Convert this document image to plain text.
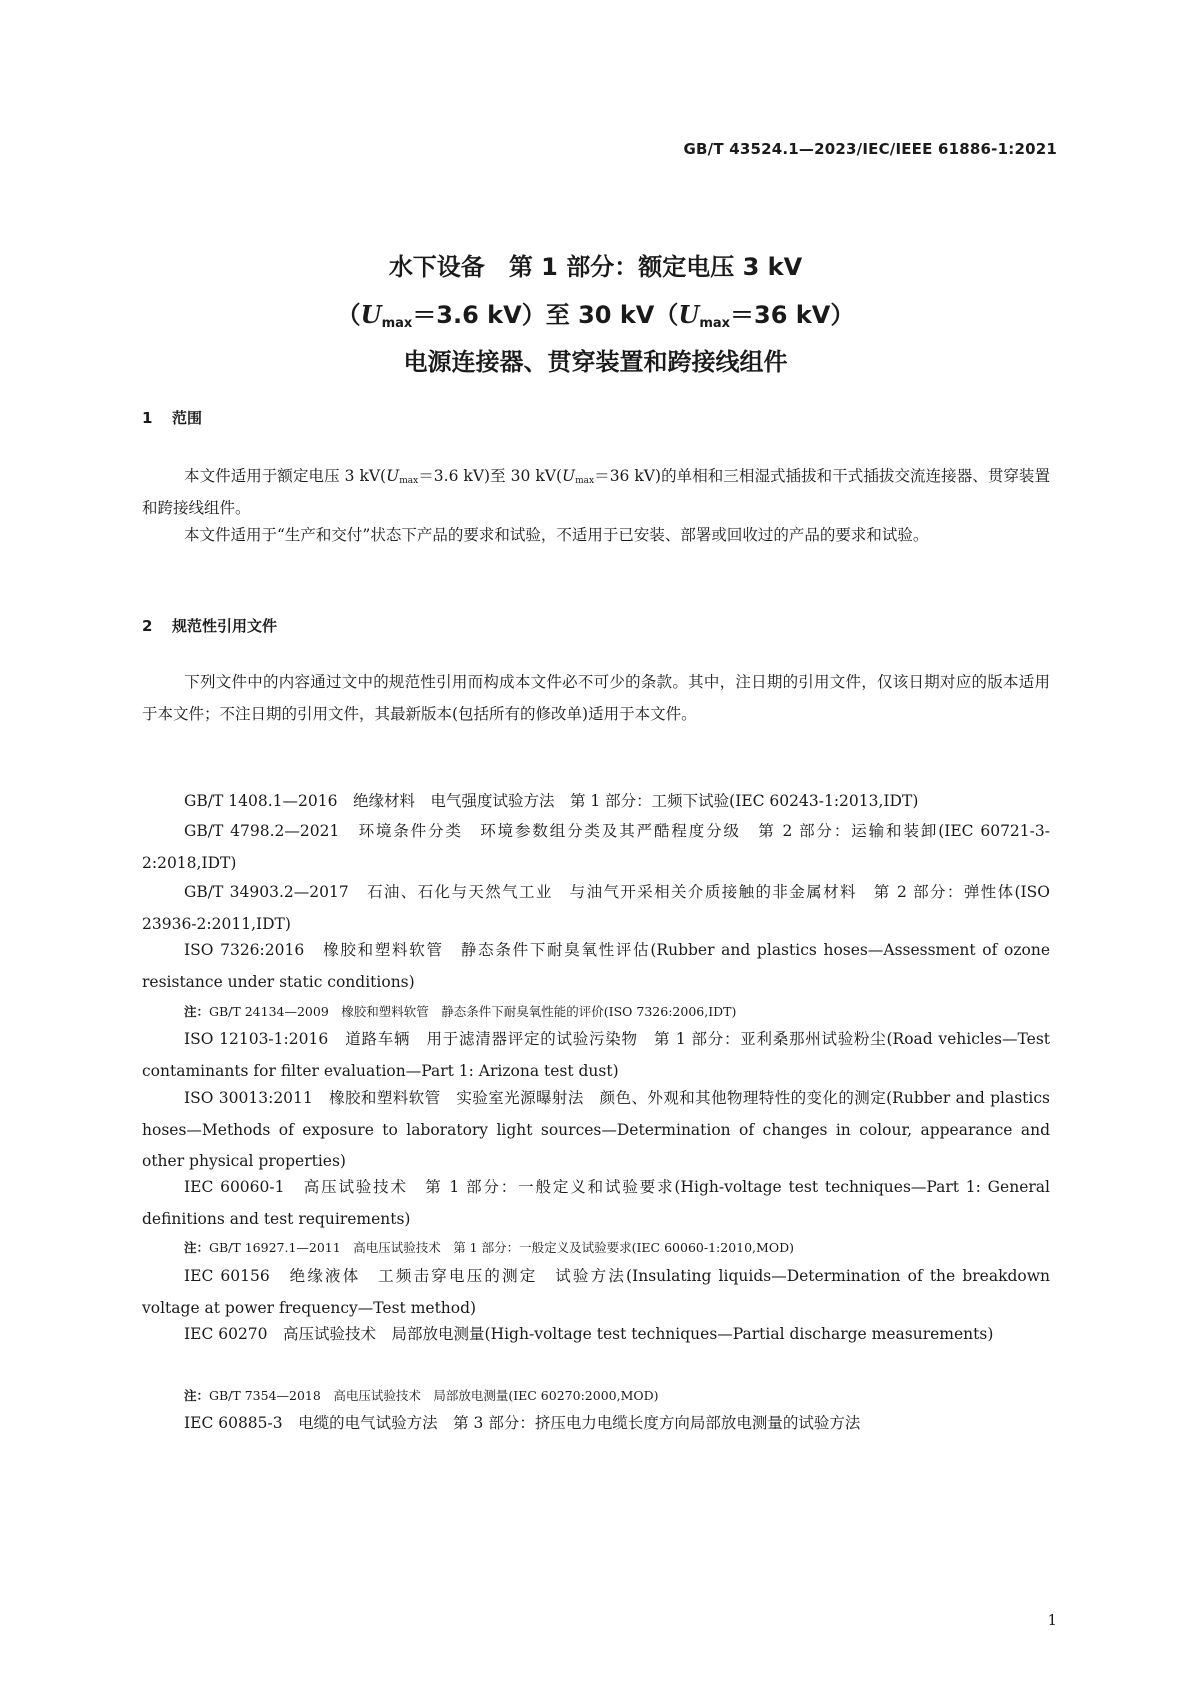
GB/T 43524.1—2023/IEC/IEEE 61886-1:2021
水下设备 第 1 部分：额定电压 3 kV
（$U_{max}=3.6$ kV）至 30 $kV(U_{max}=36$ kV）
电源连接器、贯穿装置和跨接线组件
1 范围
本文件适用于额定电压 3 $kV(U_{max}=3.6$ kV)至 30 $kV(U_{max}=36$ kV)的单相和三相湿式插拔和干式插拔交流连接器、贯穿装置和跨接线组件。
本文件适用于“生产和交付”状态下产品的要求和试验，不适用于已安装、部署或回收过的产品的要求和试验。
2 规范性引用文件
下列文件中的内容通过文中的规范性引用而构成本文件必不可少的条款。其中，注日期的引用文件，仅该日期对应的版本适用于本文件；不注日期的引用文件，其最新版本(包括所有的修改单)适用于本文件。
GB/T 1408.1—2016　绝缘材料　电气强度试验方法　第 1 部分：工频下试验(IEC 60243-1:2013,IDT)
GB/T 4798.2—2021　环境条件分类　环境参数组分类及其严酷程度分级　第 2 部分：运输和装卸(IEC 60721-3-2:2018,IDT)
GB/T 34903.2—2017　石油、石化与天然气工业　与油气开采相关介质接触的非金属材料　第 2 部分：弹性体(ISO 23936-2:2011,IDT)
ISO 7326:2016　橡胶和塑料软管　静态条件下耐臭氧性评估(Rubber and plastics hoses—Assessment of ozone resistance under static conditions)
注：GB/T 24134—2009　橡胶和塑料软管　静态条件下耐臭氧性能的评价(ISO 7326:2006,IDT)
ISO 12103-1:2016　道路车辆　用于滤清器评定的试验污染物　第 1 部分：亚利桑那州试验粉尘(Road vehicles—Test contaminants for filter evaluation—Part 1: Arizona test dust)
ISO 30013:2011　橡胶和塑料软管　实验室光源曝射法　颜色、外观和其他物理特性的变化的测定(Rubber and plastics hoses—Methods of exposure to laboratory light sources—Determination of changes in colour, appearance and other physical properties)
IEC 60060-1　高压试验技术　第 1 部分：一般定义和试验要求(High-voltage test techniques—Part 1: General definitions and test requirements)
注：GB/T 16927.1—2011　高电压试验技术　第 1 部分：一般定义及试验要求(IEC 60060-1:2010,MOD)
IEC 60156　绝缘液体　工频击穿电压的测定　试验方法(Insulating liquids—Determination of the breakdown voltage at power frequency—Test method)
IEC 60270　高压试验技术　局部放电测量(High-voltage test techniques—Partial discharge measurements)
注：GB/T 7354—2018　高电压试验技术　局部放电测量(IEC 60270:2000,MOD)
IEC 60885-3　电缆的电气试验方法　第 3 部分：挤压电力电缆长度方向局部放电测量的试验方法
1
